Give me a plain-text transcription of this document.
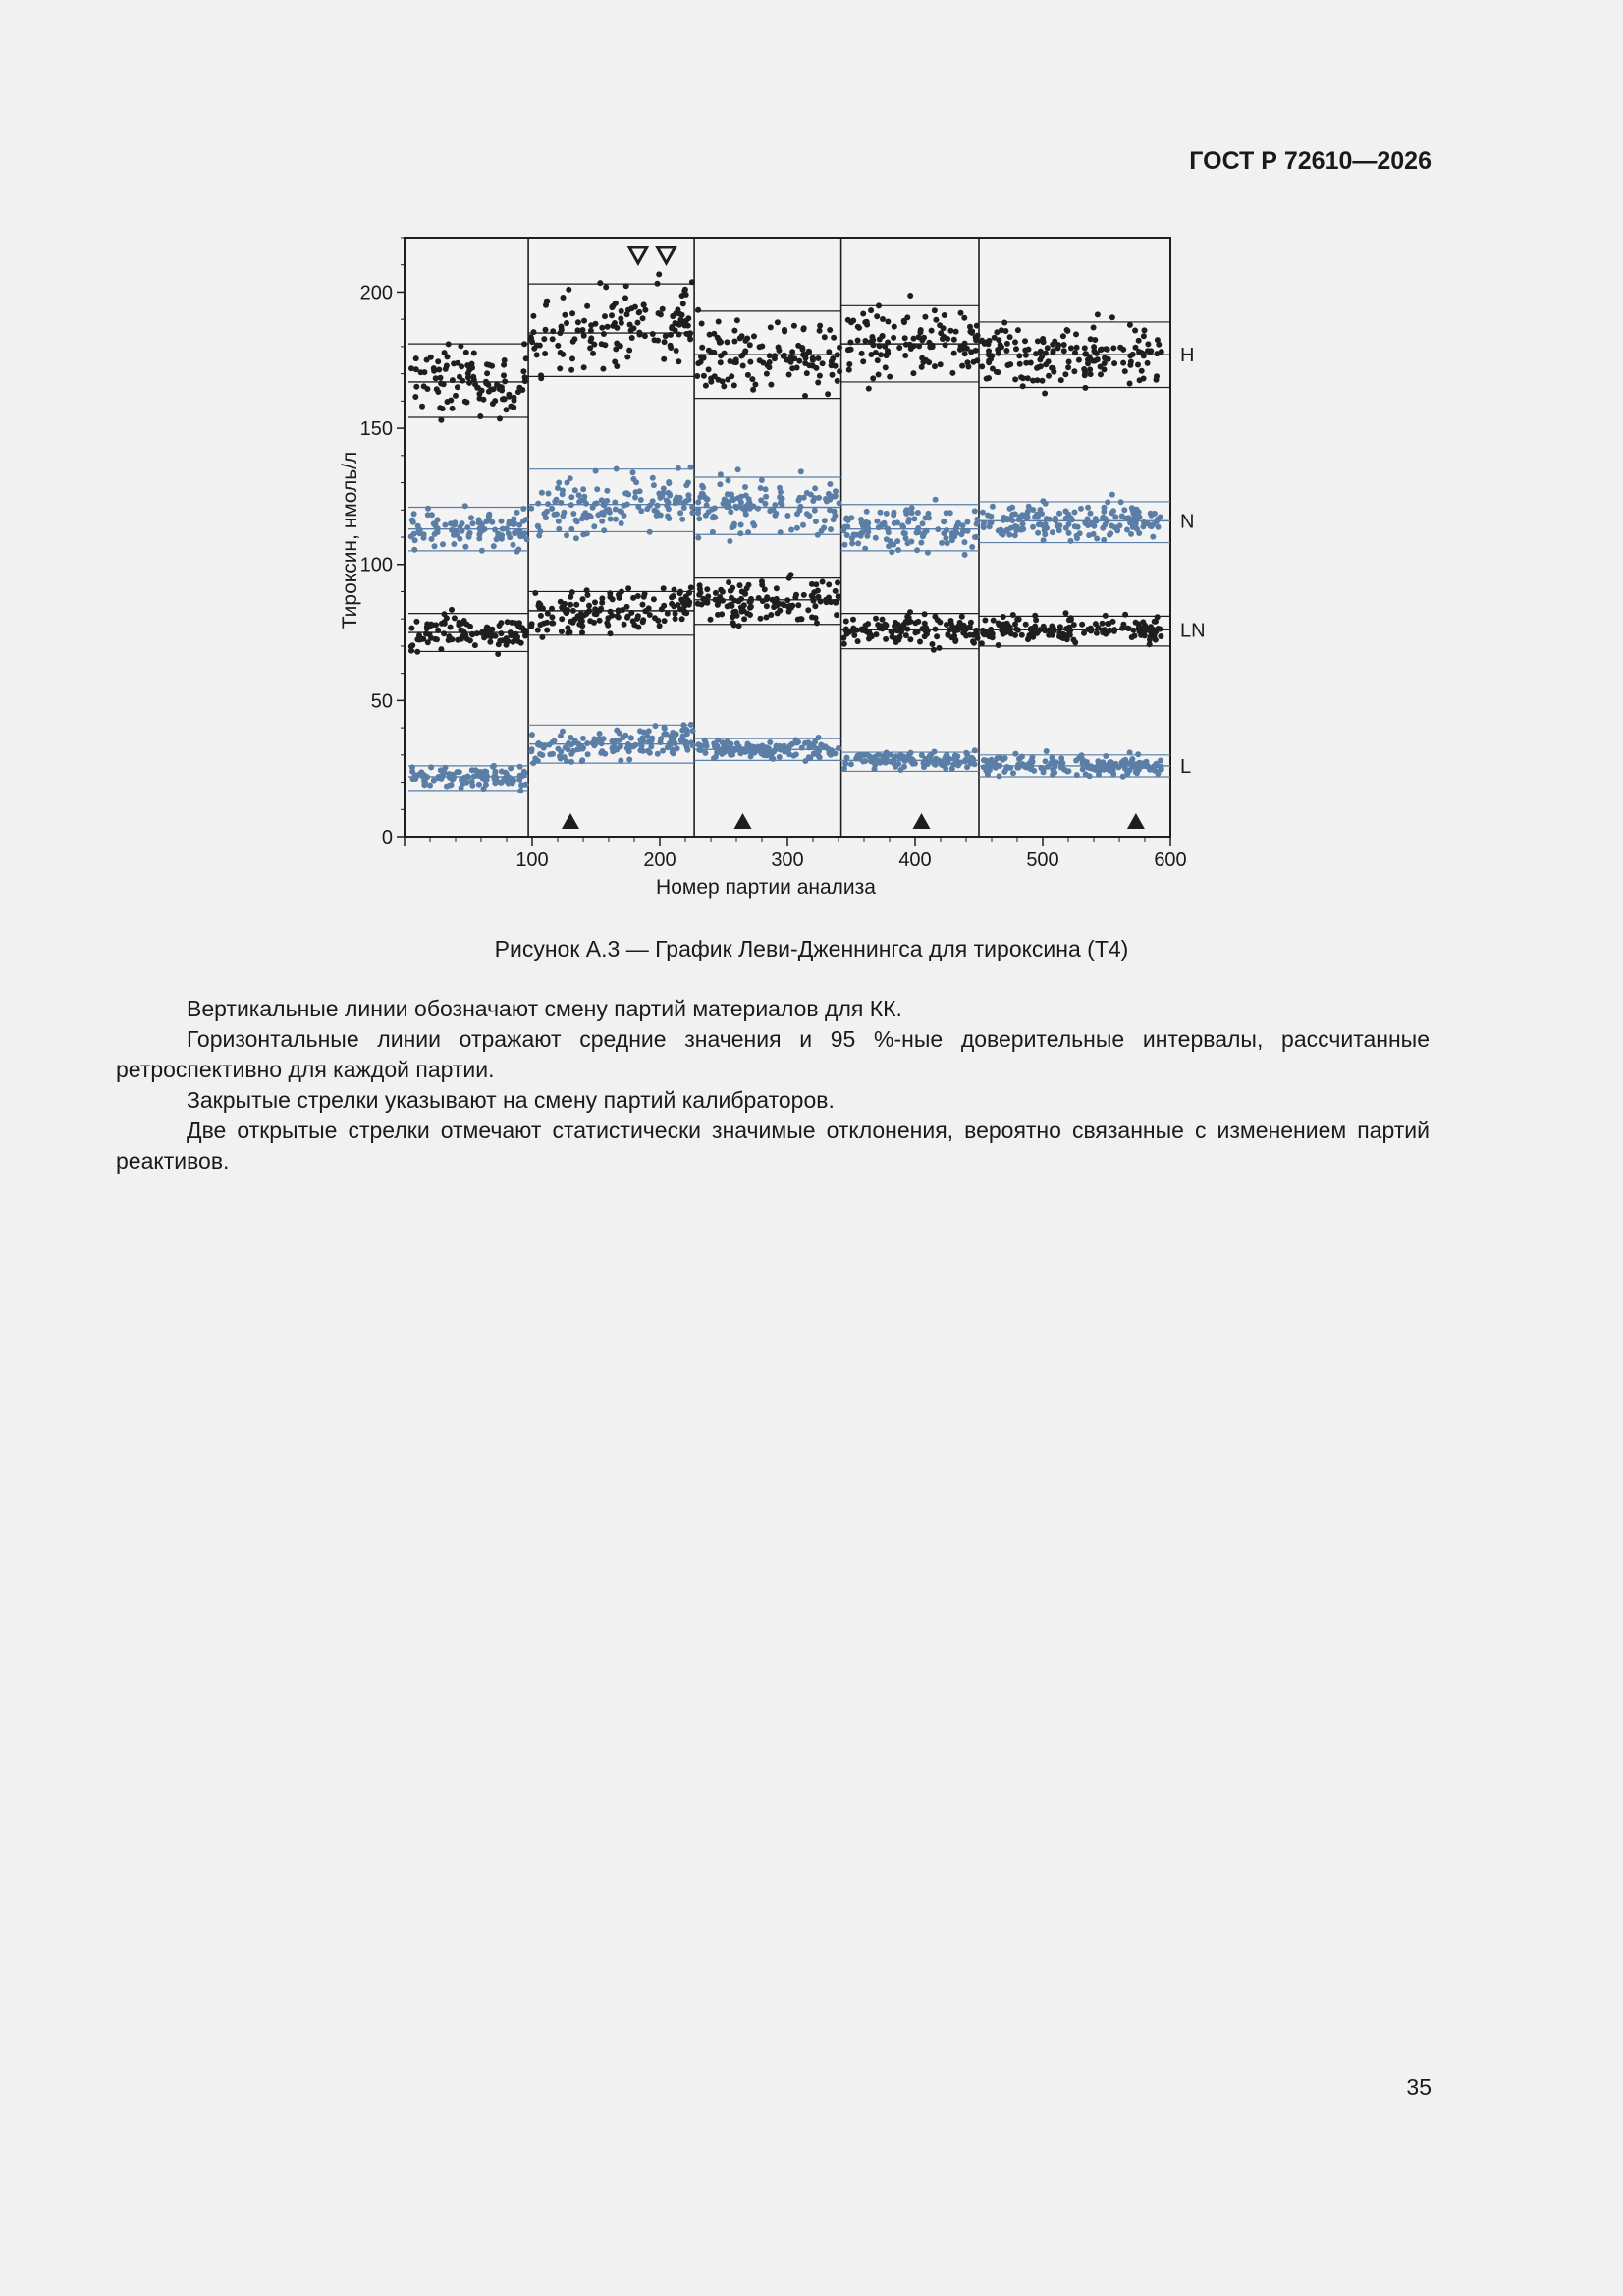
ГОСТ Р 72610—2026
H
N
LN
L
0
50
100
150
200
100	200	300	400	500	600
Тироксин, нмоль/л
Номер партии анализа
Рисунок А.3 — График Леви-Дженнингса для тироксина (Т4)

Вертикальные линии обозначают смену партий материалов для КК.

Горизонтальные линии отражают средние значения и 95 %-ные доверительные интервалы, рассчитанные ретроспективно для каждой партии.

Закрытые стрелки указывают на смену партий калибраторов.

Две открытые стрелки отмечают статистически значимые отклонения, вероятно связанные с изменением партий реактивов.

35
